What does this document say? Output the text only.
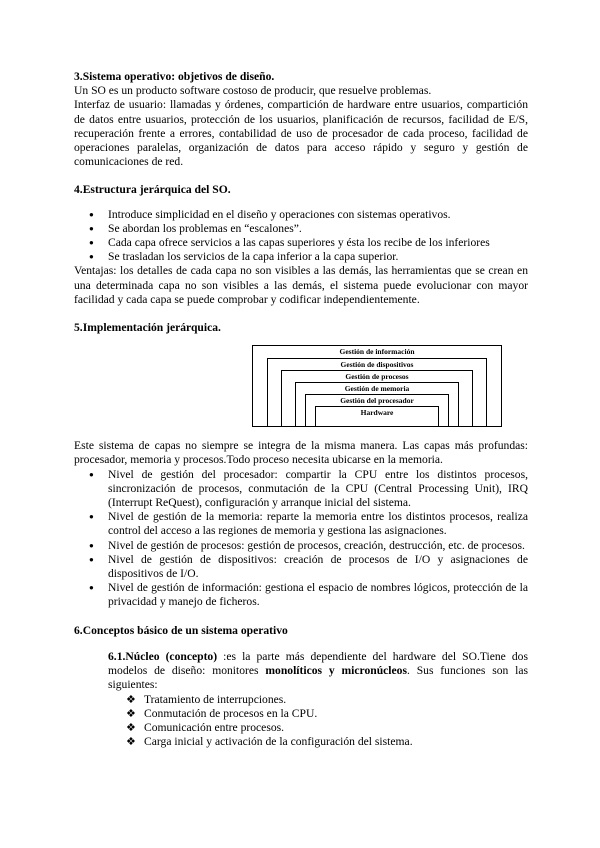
3.Sistema operativo: objetivos de diseño.

Un SO es un producto software costoso de producir, que resuelve problemas.

Interfaz de usuario: llamadas y órdenes, compartición de hardware entre usuarios, compartición de datos entre usuarios, protección de los usuarios, planificación de recursos, facilidad de E/S, recuperación frente a errores, contabilidad de uso de procesador de cada proceso, facilidad de operaciones paralelas, organización de datos para acceso rápido y seguro y gestión de comunicaciones de red.

4.Estructura jerárquica del SO.
● Introduce simplicidad en el diseño y operaciones con sistemas operativos.
● Se abordan los problemas en “escalones”.
● Cada capa ofrece servicios a las capas superiores y ésta los recibe de los inferiores
● Se trasladan los servicios de la capa inferior a la capa superior.

Ventajas: los detalles de cada capa no son visibles a las demás, las herramientas que se crean en una determinada capa no son visibles a las demás, el sistema puede evolucionar con mayor facilidad y cada capa se puede comprobar y codificar independientemente.

5.Implementación jerárquica.
Gestión de información
Gestión de dispositivos
Gestión de procesos
Gestión de memoria
Gestión del procesador
Hardware

Este sistema de capas no siempre se integra de la misma manera. Las capas más profundas: procesador, memoria y procesos.Todo proceso necesita ubicarse en la memoria.

● Nivel de gestión del procesador: compartir la CPU entre los distintos procesos, sincronización de procesos, conmutación de la CPU (Central Processing Unit), IRQ (Interrupt ReQuest), configuración y arranque inicial del sistema.
● Nivel de gestión de la memoria: reparte la memoria entre los distintos procesos, realiza control del acceso a las regiones de memoria y gestiona las asignaciones.
● Nivel de gestión de procesos: gestión de procesos, creación, destrucción, etc. de procesos.
● Nivel de gestión de dispositivos: creación de procesos de I/O y asignaciones de dispositivos de I/O.
● Nivel de gestión de información: gestiona el espacio de nombres lógicos, protección de la privacidad y manejo de ficheros.
6.Conceptos básico de un sistema operativo

6.1.Núcleo (concepto) :es la parte más dependiente del hardware del SO.Tiene dos modelos de diseño: monitores monolíticos y micronúcleos. Sus funciones son las siguientes:

❖ Tratamiento de interrupciones.
❖ Conmutación de procesos en la CPU.
❖ Comunicación entre procesos.
❖ Carga inicial y activación de la configuración del sistema.
